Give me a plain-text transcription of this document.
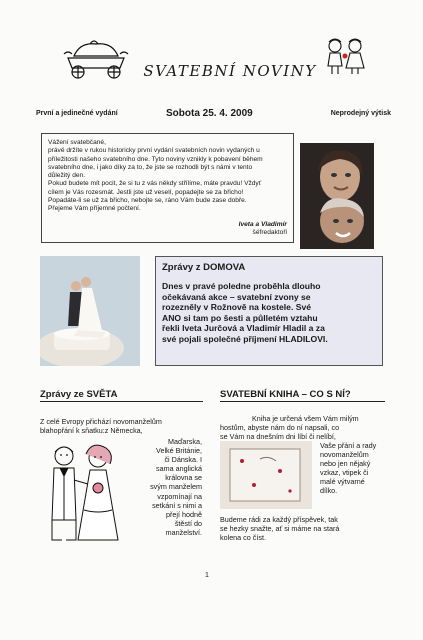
SVATEBNÍ NOVINY
První a jedinečné vydání	Sobota 25. 4. 2009	Neprodejný výtisk
Vážení svatebčané,
právě držíte v rukou historicky první vydání svatebních novin vydaných u
příležitosti našeho svatebního dne. Tyto noviny vznikly k pobavení během
svatebního dne, i jako díky za to, že jste se rozhodli být s námi v tento
důležitý den.
Pokud budete mít pocit, že si tu z vás někdy střílíme, máte pravdu! Vždyť
cílem je Vás rozesmát. Jestli jste už veselí, popadejte se za břicho!
Popadáte-li se už za břicho, nebojte se, ráno Vám bude zase dobře.
Přejeme Vám příjemné počtení.
Iveta a Vladimír
šéfredaktoři
Zprávy z DOMOVA
Dnes v pravé poledne proběhla dlouho
očekávaná akce – svatební zvony se
rozezněly v Rožnově na kostele. Své
ANO si tam po šesti a půlletém vztahu
řekli Iveta Jurčová a Vladimír Hladil a za
své pojali společné příjmení HLADILOVI.
Zprávy ze SVĚTA
Z celé Evropy přichází novomanželům
blahopřání k sňatku:z Německa,
Maďarska,
Velké Británie,
či Dánska. I
sama anglická
královna se
svým manželem
vzpomínají na
setkání s nimi a
přejí hodně
štěstí do
manželství.
SVATEBNÍ KNIHA – CO S NÍ?
Kniha je určená všem Vám milým
hostům, abyste nám do ní napsali, co
se Vám na dnešním dni líbí či nelíbí,
Vaše přání a rady
novomanželům
nebo jen nějaký
vzkaz, vtipek či
malé výtvarné
dílko.
Budeme rádi za každý příspěvek, tak
se hezky snažte, ať si máme na stará
kolena co číst.
1
